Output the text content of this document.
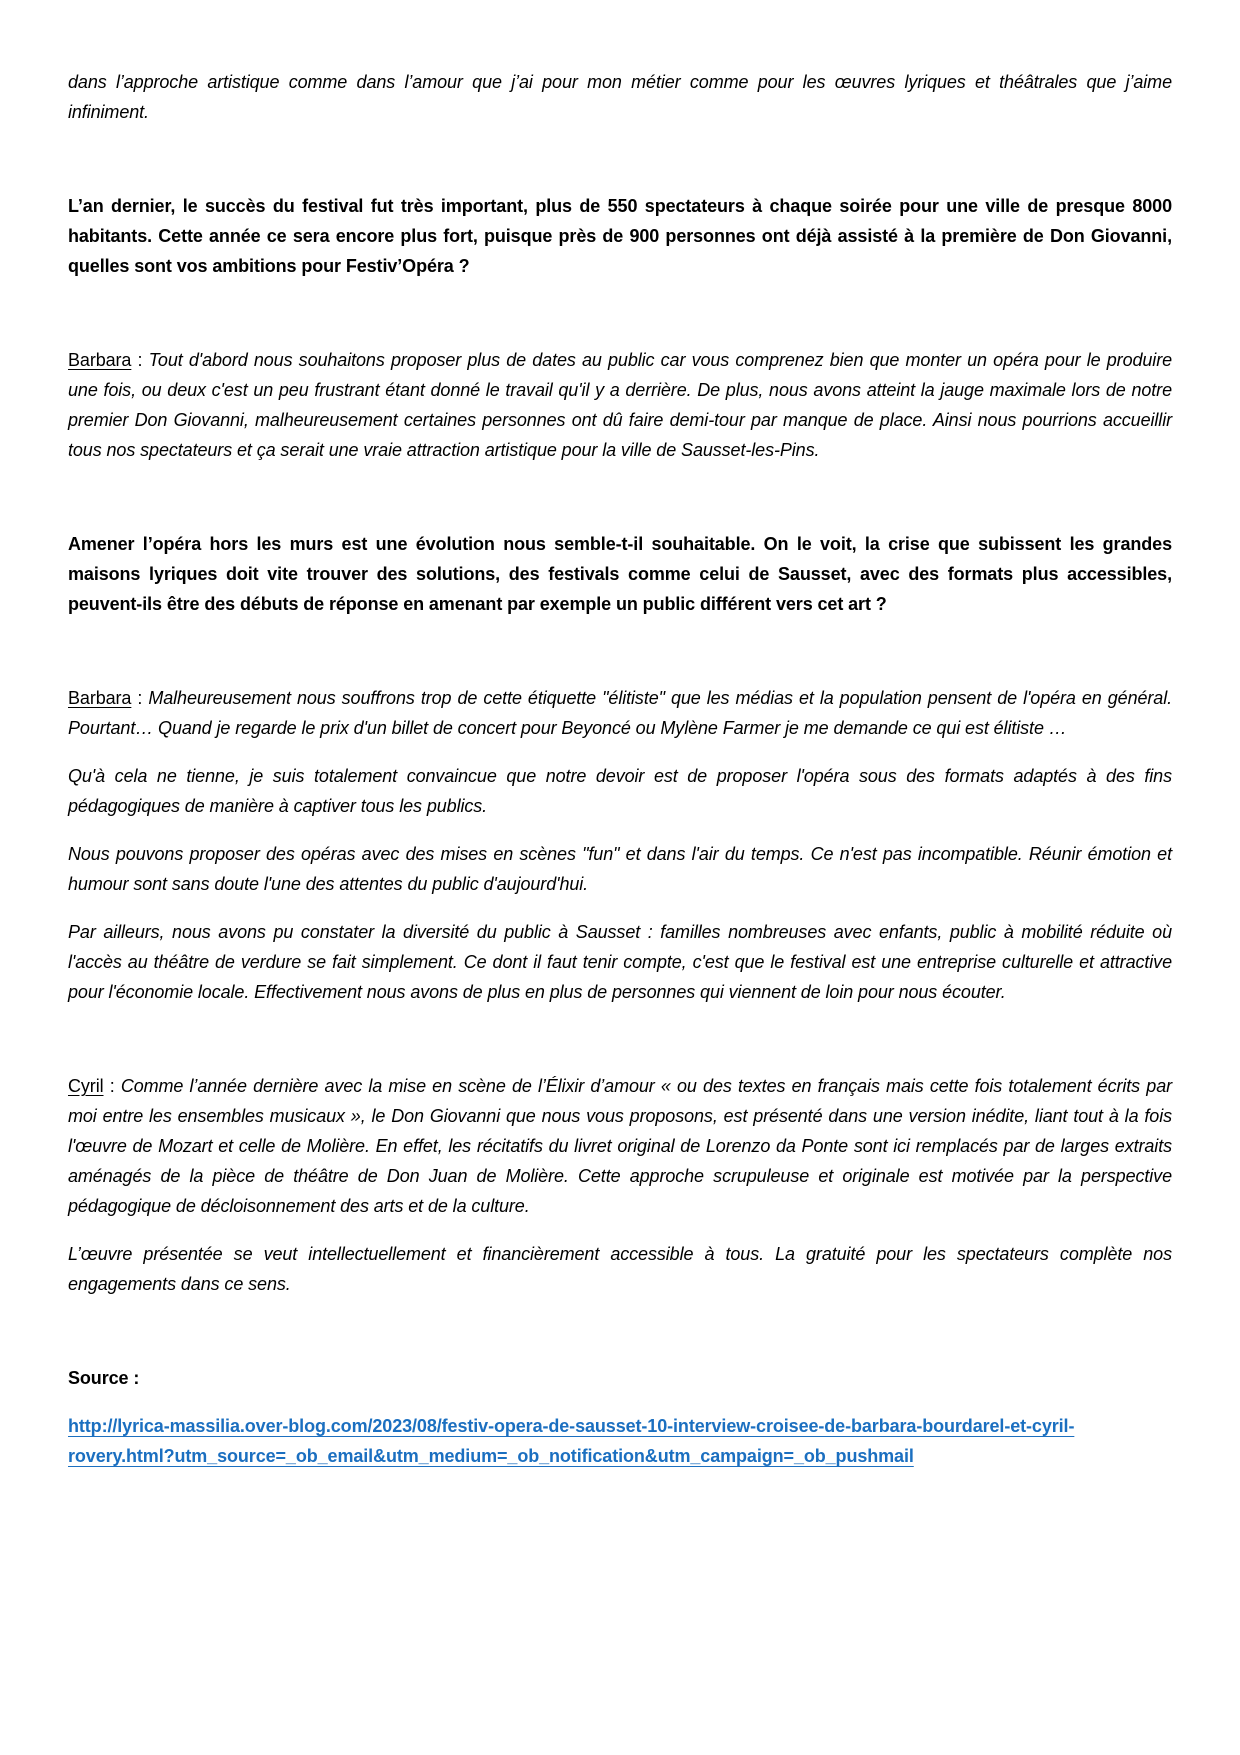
dans l’approche artistique comme dans l’amour que j’ai pour mon métier comme pour les œuvres lyriques et théâtrales que j’aime infiniment.

L’an dernier, le succès du festival fut très important, plus de 550 spectateurs à chaque soirée pour une ville de presque 8000 habitants. Cette année ce sera encore plus fort, puisque près de 900 personnes ont déjà assisté à la première de Don Giovanni, quelles sont vos ambitions pour Festiv’Opéra ?

Barbara : Tout d'abord nous souhaitons proposer plus de dates au public car vous comprenez bien que monter un opéra pour le produire une fois, ou deux c'est un peu frustrant étant donné le travail qu'il y a derrière. De plus, nous avons atteint la jauge maximale lors de notre premier Don Giovanni, malheureusement certaines personnes ont dû faire demi-tour par manque de place. Ainsi nous pourrions accueillir tous nos spectateurs et ça serait une vraie attraction artistique pour la ville de Sausset-les-Pins.

Amener l’opéra hors les murs est une évolution nous semble-t-il souhaitable. On le voit, la crise que subissent les grandes maisons lyriques doit vite trouver des solutions, des festivals comme celui de Sausset, avec des formats plus accessibles, peuvent-ils être des débuts de réponse en amenant par exemple un public différent vers cet art ?

Barbara : Malheureusement nous souffrons trop de cette étiquette "élitiste" que les médias et la population pensent de l'opéra en général. Pourtant… Quand je regarde le prix d'un billet de concert pour Beyoncé ou Mylène Farmer je me demande ce qui est élitiste …

Qu'à cela ne tienne, je suis totalement convaincue que notre devoir est de proposer l'opéra sous des formats adaptés à des fins pédagogiques de manière à captiver tous les publics.

Nous pouvons proposer des opéras avec des mises en scènes "fun" et dans l'air du temps. Ce n'est pas incompatible. Réunir émotion et humour sont sans doute l'une des attentes du public d'aujourd'hui.

Par ailleurs, nous avons pu constater la diversité du public à Sausset : familles nombreuses avec enfants, public à mobilité réduite où l'accès au théâtre de verdure se fait simplement. Ce dont il faut tenir compte, c'est que le festival est une entreprise culturelle et attractive pour l'économie locale. Effectivement nous avons de plus en plus de personnes qui viennent de loin pour nous écouter.

Cyril : Comme l’année dernière avec la mise en scène de l’Élixir d’amour « ou des textes en français mais cette fois totalement écrits par moi entre les ensembles musicaux », le Don Giovanni que nous vous proposons, est présenté dans une version inédite, liant tout à la fois l'œuvre de Mozart et celle de Molière. En effet, les récitatifs du livret original de Lorenzo da Ponte sont ici remplacés par de larges extraits aménagés de la pièce de théâtre de Don Juan de Molière. Cette approche scrupuleuse et originale est motivée par la perspective pédagogique de décloisonnement des arts et de la culture.

L’œuvre présentée se veut intellectuellement et financièrement accessible à tous. La gratuité pour les spectateurs complète nos engagements dans ce sens.

Source :

http://lyrica-massilia.over-blog.com/2023/08/festiv-opera-de-sausset-10-interview-croisee-de-barbara-bourdarel-et-cyril-rovery.html?utm_source=_ob_email&utm_medium=_ob_notification&utm_campaign=_ob_pushmail
